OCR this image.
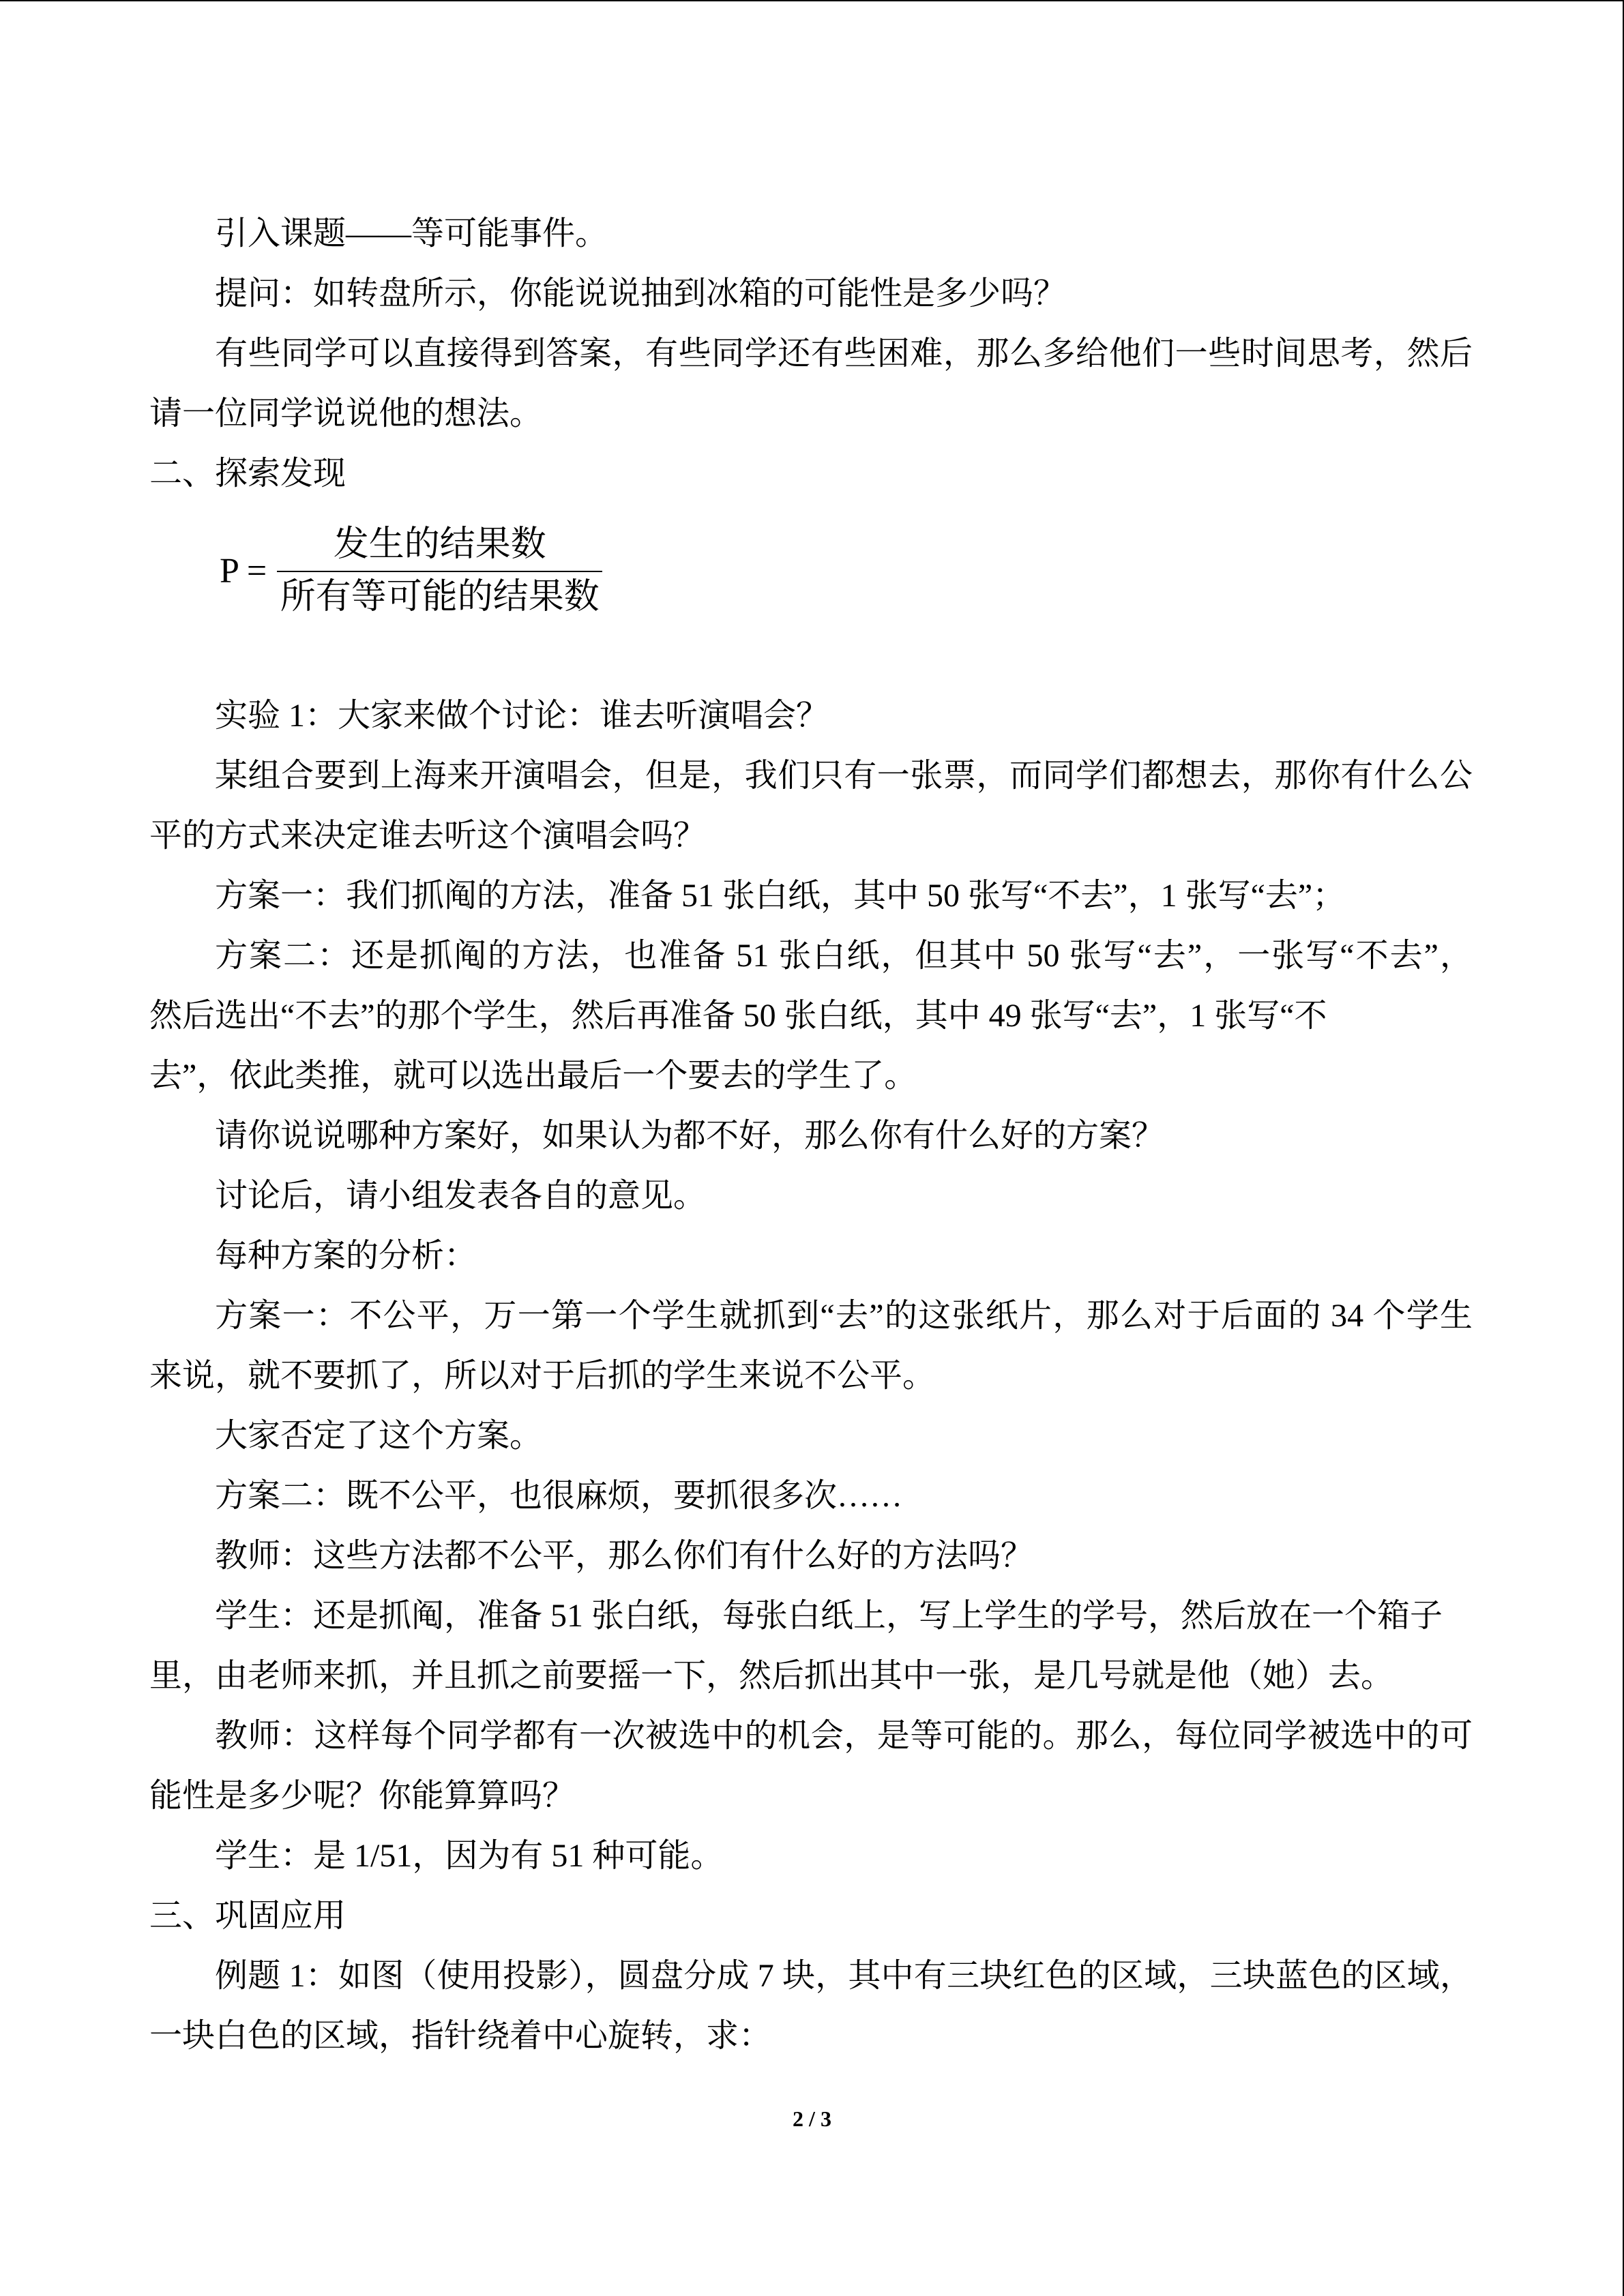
引入课题——等可能事件。
提问：如转盘所示，你能说说抽到冰箱的可能性是多少吗？
有些同学可以直接得到答案，有些同学还有些困难，那么多给他们一些时间思考，然后
请一位同学说说他的想法。
二、探索发现
$P = \frac{\text{发生的结果数}}{\text{所有等可能的结果数}}$
实验 1：大家来做个讨论：谁去听演唱会？
某组合要到上海来开演唱会，但是，我们只有一张票，而同学们都想去，那你有什么公
平的方式来决定谁去听这个演唱会吗？
方案一：我们抓阄的方法，准备 51 张白纸，其中 50 张写“不去”，1 张写“去”；
方案二：还是抓阄的方法，也准备 51 张白纸，但其中 50 张写“去”，一张写“不去”，
然后选出“不去”的那个学生，然后再准备 50 张白纸，其中 49 张写“去”，1 张写“不
去”，依此类推，就可以选出最后一个要去的学生了。
请你说说哪种方案好，如果认为都不好，那么你有什么好的方案？
讨论后，请小组发表各自的意见。
每种方案的分析：
方案一：不公平，万一第一个学生就抓到“去”的这张纸片，那么对于后面的 34 个学生
来说，就不要抓了，所以对于后抓的学生来说不公平。
大家否定了这个方案。
方案二：既不公平，也很麻烦，要抓很多次……
教师：这些方法都不公平，那么你们有什么好的方法吗？
学生：还是抓阄，准备 51 张白纸，每张白纸上，写上学生的学号，然后放在一个箱子
里，由老师来抓，并且抓之前要摇一下，然后抓出其中一张，是几号就是他（她）去。
教师：这样每个同学都有一次被选中的机会，是等可能的。那么，每位同学被选中的可
能性是多少呢？你能算算吗？
学生：是 1/51，因为有 51 种可能。
三、巩固应用
例题 1：如图（使用投影），圆盘分成 7 块，其中有三块红色的区域，三块蓝色的区域，
一块白色的区域，指针绕着中心旋转，求：
2 / 3
